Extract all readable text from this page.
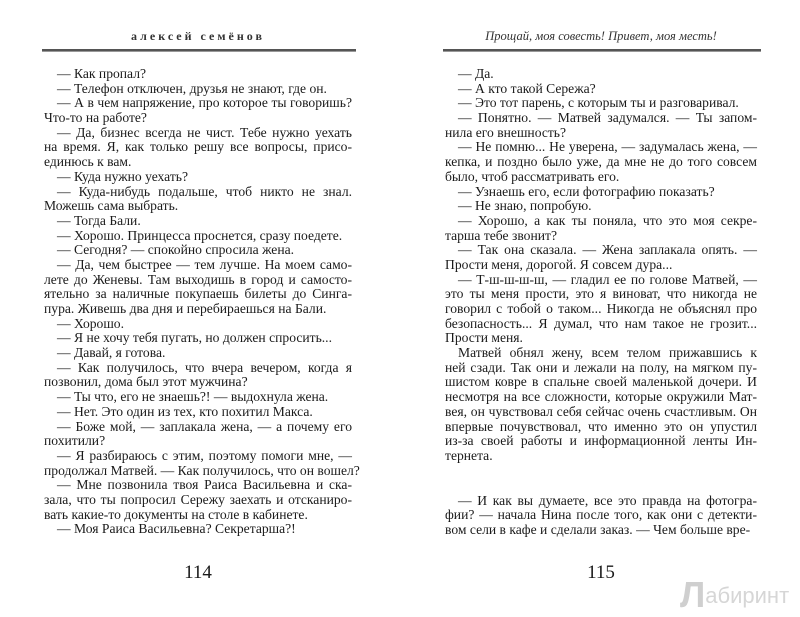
алексей семёнов
— Как пропал?
— Телефон отключен, друзья не знают, где он.
— А в чем напряжение, про которое ты говоришь?
Что-то на работе?
— Да, бизнес всегда не чист. Тебе нужно уехать
на время. Я, как только решу все вопросы, присо-
единюсь к вам.
— Куда нужно уехать?
— Куда-нибудь подальше, чтоб никто не знал.
Можешь сама выбрать.
— Тогда Бали.
— Хорошо. Принцесса проснется, сразу поедете.
— Сегодня? — спокойно спросила жена.
— Да, чем быстрее — тем лучше. На моем само-
лете до Женевы. Там выходишь в город и самосто-
ятельно за наличные покупаешь билеты до Синга-
пура. Живешь два дня и перебираешься на Бали.
— Хорошо.
— Я не хочу тебя пугать, но должен спросить...
— Давай, я готова.
— Как получилось, что вчера вечером, когда я
позвонил, дома был этот мужчина?
— Ты что, его не знаешь?! — выдохнула жена.
— Нет. Это один из тех, кто похитил Макса.
— Боже мой, — заплакала жена, — а почему его
похитили?
— Я разбираюсь с этим, поэтому помоги мне, —
продолжал Матвей. — Как получилось, что он вошел?
— Мне позвонила твоя Раиса Васильевна и ска-
зала, что ты попросил Сережу заехать и отсканиро-
вать какие-то документы на столе в кабинете.
— Моя Раиса Васильевна? Секретарша?!
114
Прощай, моя совесть! Привет, моя месть!
— Да.
— А кто такой Сережа?
— Это тот парень, с которым ты и разговаривал.
— Понятно. — Матвей задумался. — Ты запом-
нила его внешность?
— Не помню... Не уверена, — задумалась жена, —
кепка, и поздно было уже, да мне не до того совсем
было, чтоб рассматривать его.
— Узнаешь его, если фотографию показать?
— Не знаю, попробую.
— Хорошо, а как ты поняла, что это моя секре-
тарша тебе звонит?
— Так она сказала. — Жена заплакала опять. —
Прости меня, дорогой. Я совсем дура...
— Т-ш-ш-ш-ш, — гладил ее по голове Матвей, —
это ты меня прости, это я виноват, что никогда не
говорил с тобой о таком... Никогда не объяснял про
безопасность... Я думал, что нам такое не грозит...
Прости меня.
Матвей обнял жену, всем телом прижавшись к
ней сзади. Так они и лежали на полу, на мягком пу-
шистом ковре в спальне своей маленькой дочери. И
несмотря на все сложности, которые окружили Мат-
вея, он чувствовал себя сейчас очень счастливым. Он
впервые почувствовал, что именно это он упустил
из-за своей работы и информационной ленты Ин-
тернета.
— И как вы думаете, все это правда на фотогра-
фии? — начала Нина после того, как они с детекти-
вом сели в кафе и сделали заказ. — Чем больше вре-
115
Лабиринт
